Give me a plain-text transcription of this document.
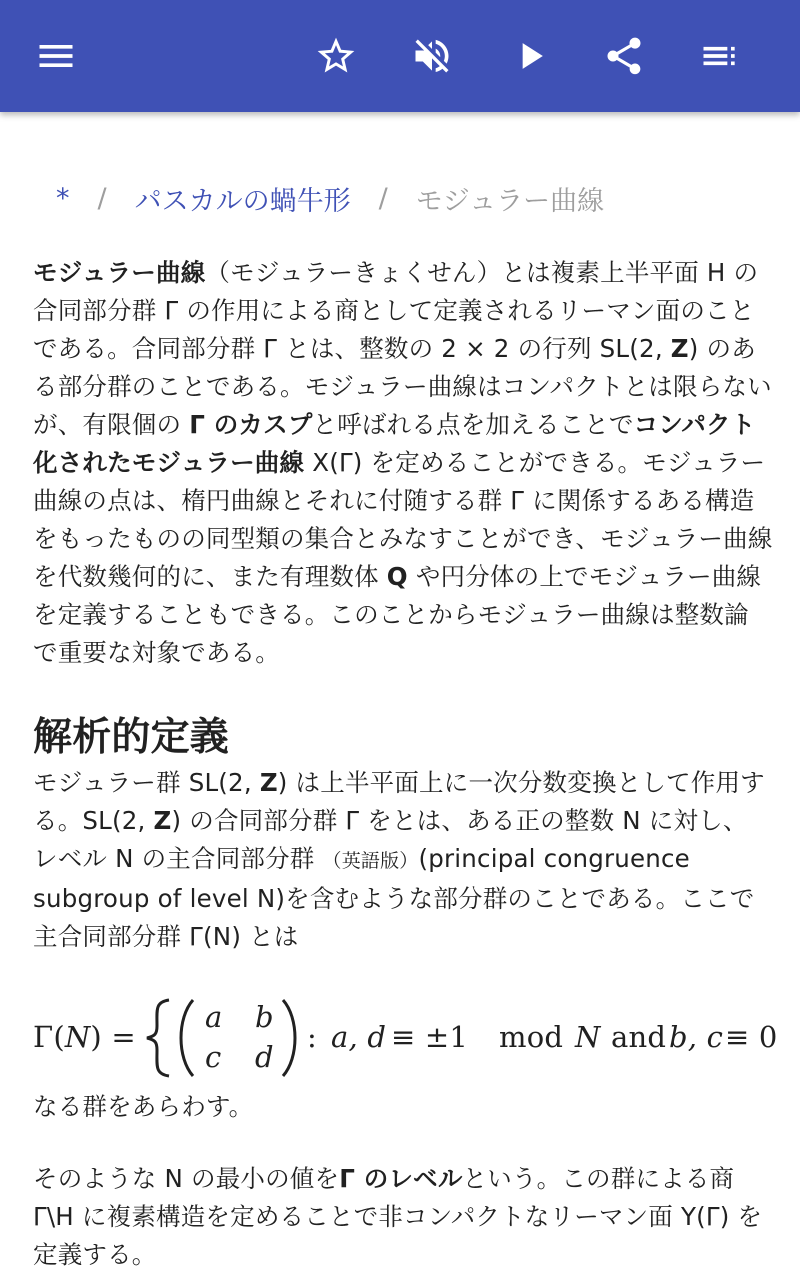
* / パスカルの蝸牛形 / モジュラー曲線

モジュラー曲線（モジュラーきょくせん）とは複素上半平面 H の合同部分群 Γ の作用による商として定義されるリーマン面のことである。合同部分群 Γ とは、整数の 2 × 2 の行列 SL(2, Z) のある部分群のことである。モジュラー曲線はコンパクトとは限らないが、有限個の Γ のカスプと呼ばれる点を加えることでコンパクト化されたモジュラー曲線 X(Γ) を定めることができる。モジュラー曲線の点は、楕円曲線とそれに付随する群 Γ に関係するある構造をもったものの同型類の集合とみなすことができ、モジュラー曲線を代数幾何的に、また有理数体 Q や円分体の上でモジュラー曲線を定義することもできる。このことからモジュラー曲線は整数論で重要な対象である。

解析的定義

モジュラー群 SL(2, Z) は上半平面上に一次分数変換として作用する。SL(2, Z) の合同部分群 Γ をとは、ある正の整数 N に対し、 レベル N の主合同部分群 （英語版）(principal congruence subgroup of level N)を含むような部分群のことである。ここで主合同部分群 Γ(N) とは

Γ(N) =
a b
c d
: a, d ≡ ±1 mod N and b, c ≡ 0

なる群をあらわす。

そのような N の最小の値をΓ のレベルという。この群による商 Γ\H に複素構造を定めることで非コンパクトなリーマン面 Y(Γ) を定義する。
